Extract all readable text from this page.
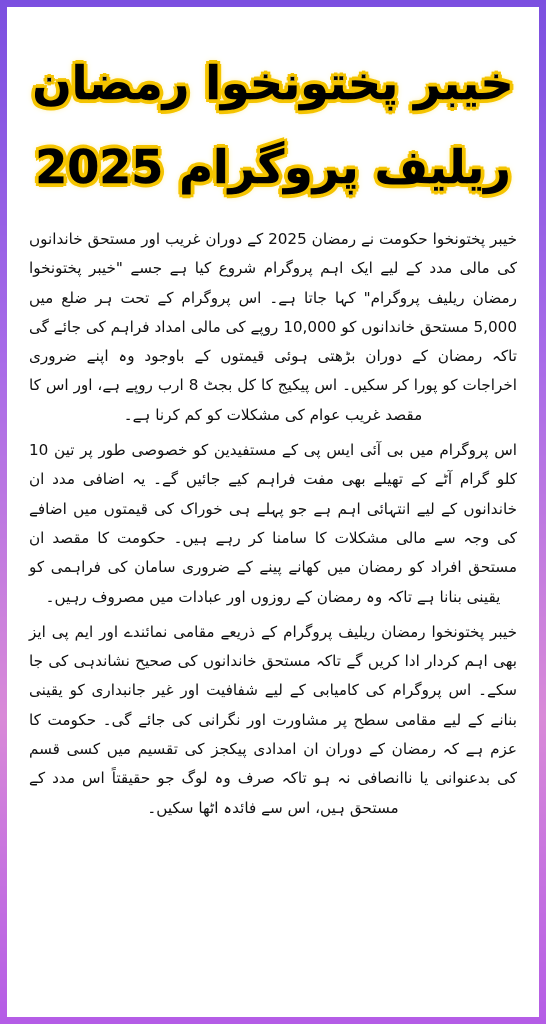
خیبر پختونخوا رمضان
ریلیف پروگرام 2025

خیبر پختونخوا حکومت نے رمضان 2025 کے دوران غریب اور مستحق خاندانوں کی مالی مدد کے لیے ایک اہم پروگرام شروع کیا ہے جسے "خیبر پختونخوا رمضان ریلیف پروگرام" کہا جاتا ہے۔ اس پروگرام کے تحت ہر ضلع میں 5,000 مستحق خاندانوں کو 10,000 روپے کی مالی امداد فراہم کی جائے گی تاکہ رمضان کے دوران بڑھتی ہوئی قیمتوں کے باوجود وہ اپنے ضروری اخراجات کو پورا کر سکیں۔ اس پیکیج کا کل بجٹ 8 ارب روپے ہے، اور اس کا مقصد غریب عوام کی مشکلات کو کم کرنا ہے۔

اس پروگرام میں بی آئی ایس پی کے مستفیدین کو خصوصی طور پر تین 10 کلو گرام آٹے کے تھیلے بھی مفت فراہم کیے جائیں گے۔ یہ اضافی مدد ان خاندانوں کے لیے انتہائی اہم ہے جو پہلے ہی خوراک کی قیمتوں میں اضافے کی وجہ سے مالی مشکلات کا سامنا کر رہے ہیں۔ حکومت کا مقصد ان مستحق افراد کو رمضان میں کھانے پینے کے ضروری سامان کی فراہمی کو یقینی بنانا ہے تاکہ وہ رمضان کے روزوں اور عبادات میں مصروف رہیں۔

خیبر پختونخوا رمضان ریلیف پروگرام کے ذریعے مقامی نمائندے اور ایم پی ایز بھی اہم کردار ادا کریں گے تاکہ مستحق خاندانوں کی صحیح نشاندہی کی جا سکے۔ اس پروگرام کی کامیابی کے لیے شفافیت اور غیر جانبداری کو یقینی بنانے کے لیے مقامی سطح پر مشاورت اور نگرانی کی جائے گی۔ حکومت کا عزم ہے کہ رمضان کے دوران ان امدادی پیکجز کی تقسیم میں کسی قسم کی بدعنوانی یا ناانصافی نہ ہو تاکہ صرف وہ لوگ جو حقیقتاً اس مدد کے مستحق ہیں، اس سے فائدہ اٹھا سکیں۔
